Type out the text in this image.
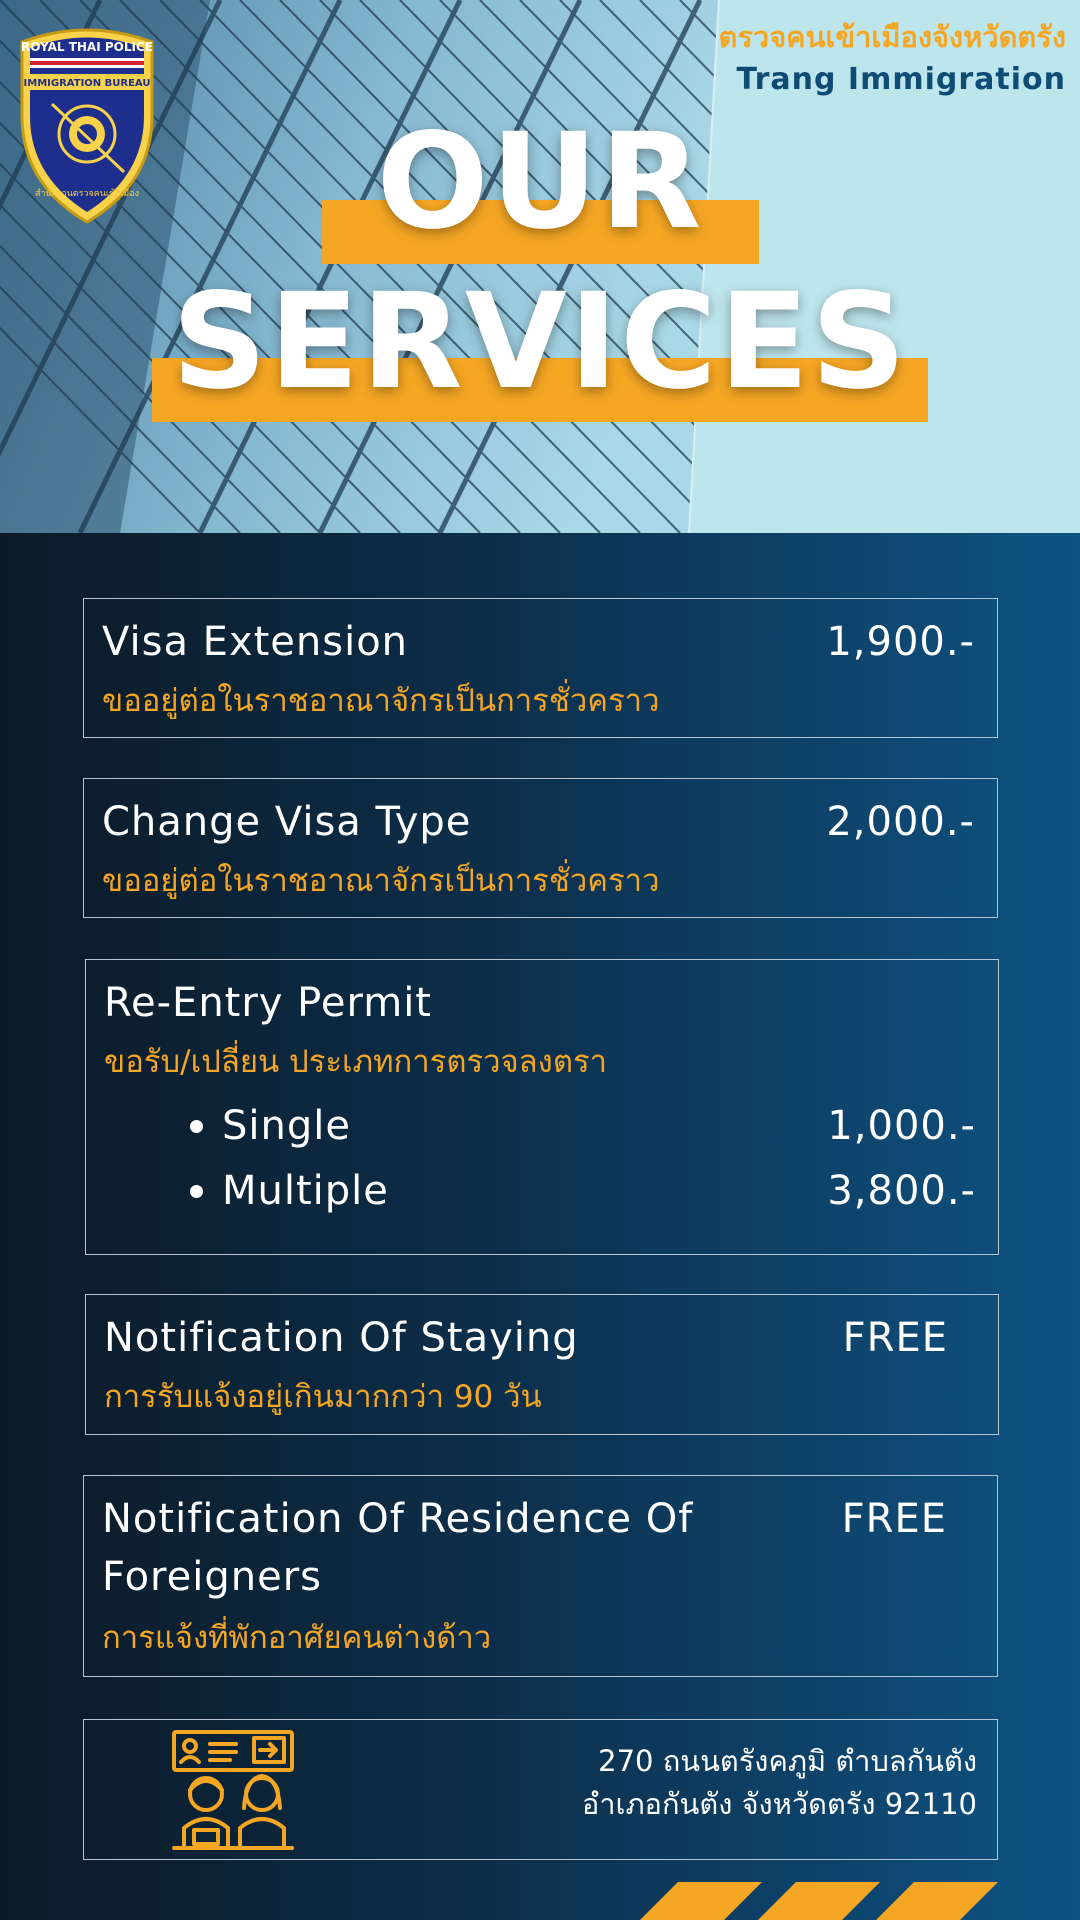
ROYAL THAI POLICE
IMMIGRATION BUREAU
สำนักงานตรวจคนเข้าเมือง
ตรวจคนเข้าเมืองจังหวัดตรัง
Trang Immigration
OUR
SERVICES
Visa Extension	1,900.-
ขออยู่ต่อในราชอาณาจักรเป็นการชั่วคราว
Change Visa Type	2,000.-
ขออยู่ต่อในราชอาณาจักรเป็นการชั่วคราว
Re-Entry Permit
ขอรับ/เปลี่ยน ประเภทการตรวจลงตรา
Single	1,000.-
Multiple	3,800.-
Notification Of Staying	FREE
การรับแจ้งอยู่เกินมากกว่า 90 วัน
Notification Of Residence Of
Foreigners
FREE
การแจ้งที่พักอาศัยคนต่างด้าว
270 ถนนตรังคภูมิ ตำบลกันตัง
อำเภอกันตัง จังหวัดตรัง 92110
